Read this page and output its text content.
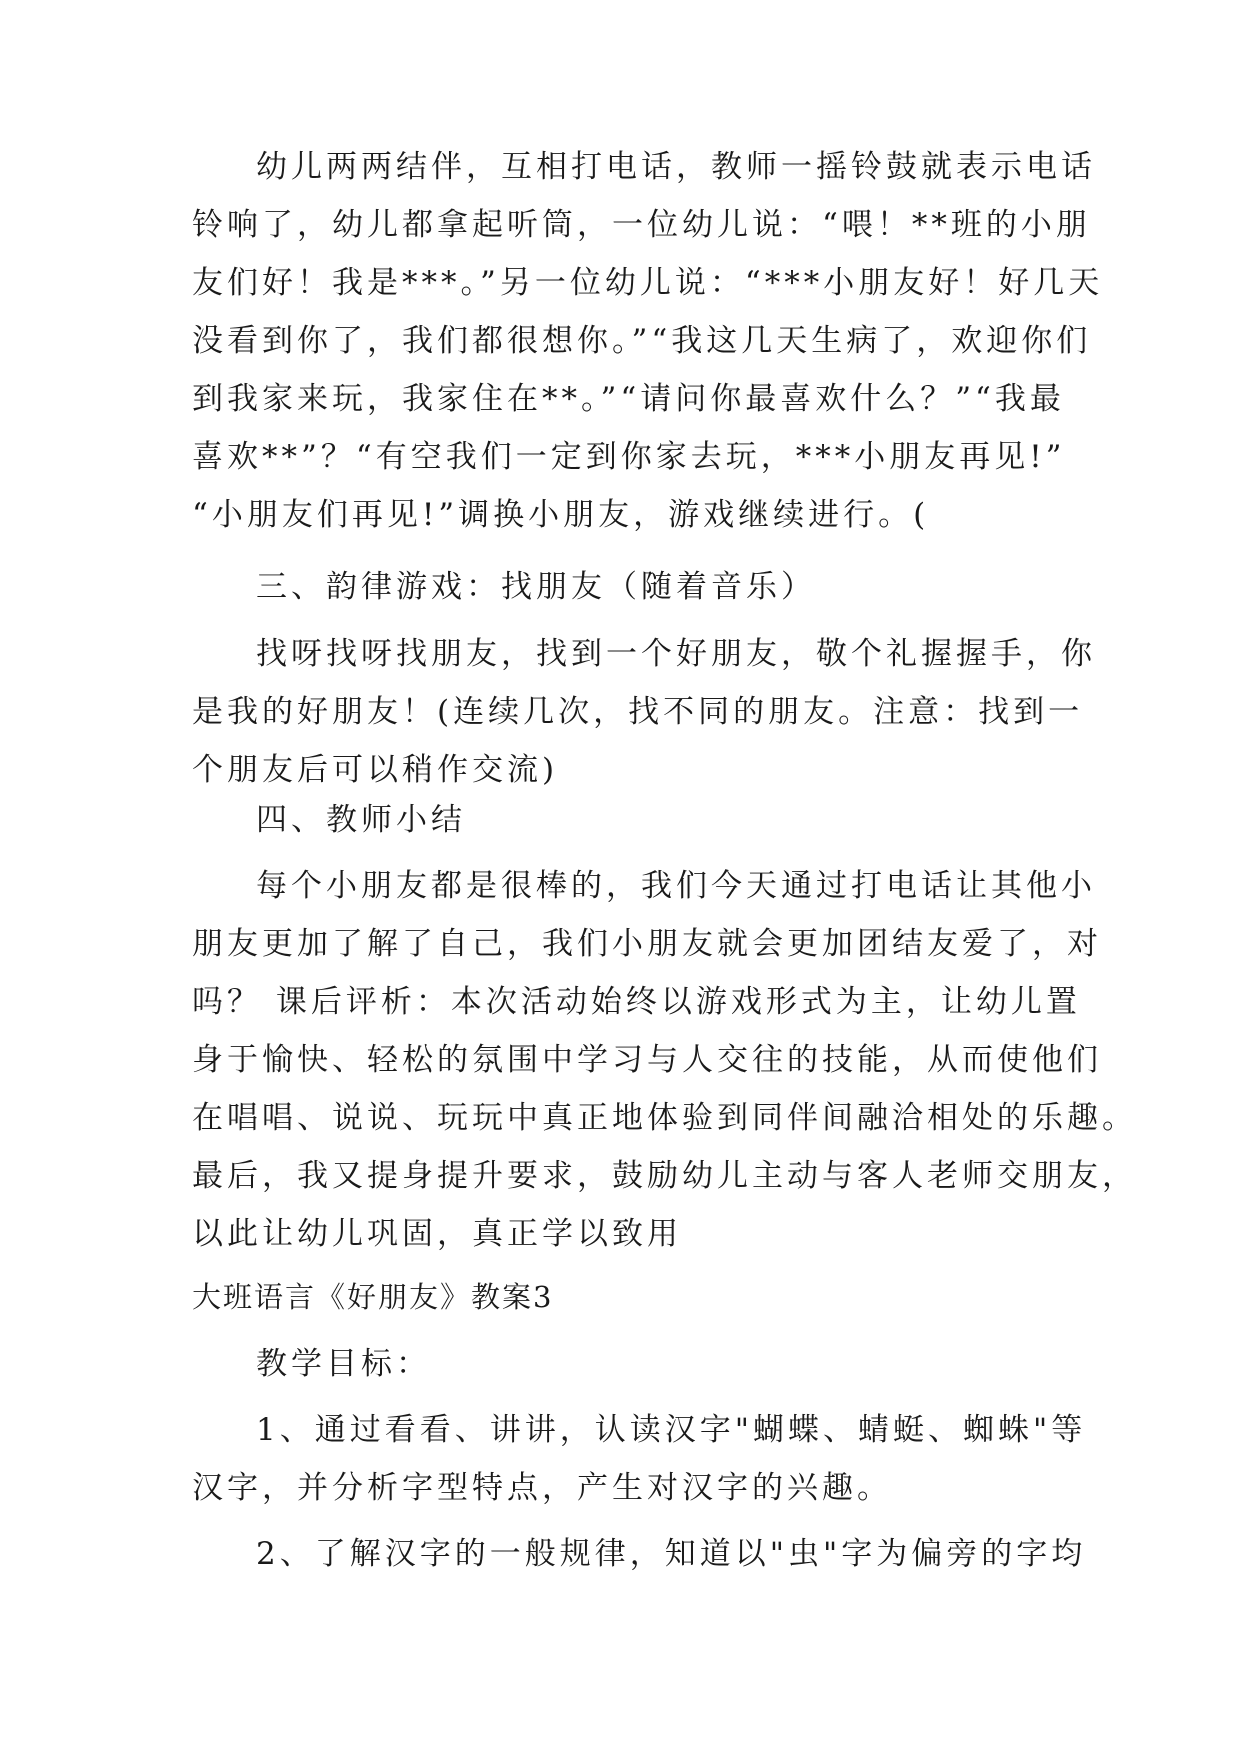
幼儿两两结伴，互相打电话，教师一摇铃鼓就表示电话
铃响了，幼儿都拿起听筒，一位幼儿说：“喂！**班的小朋
友们好！我是***。”另一位幼儿说：“***小朋友好！好几天
没看到你了，我们都很想你。”“我这几天生病了，欢迎你们
到我家来玩，我家住在**。”“请问你最喜欢什么？”“我最
喜欢**”？“有空我们一定到你家去玩，***小朋友再见!”
“小朋友们再见!”调换小朋友，游戏继续进行。(
三、韵律游戏：找朋友（随着音乐）
找呀找呀找朋友，找到一个好朋友，敬个礼握握手，你
是我的好朋友！(连续几次，找不同的朋友。注意：找到一
个朋友后可以稍作交流)
四、教师小结
每个小朋友都是很棒的，我们今天通过打电话让其他小
朋友更加了解了自己，我们小朋友就会更加团结友爱了，对
吗？ 课后评析：本次活动始终以游戏形式为主，让幼儿置
身于愉快、轻松的氛围中学习与人交往的技能，从而使他们
在唱唱、说说、玩玩中真正地体验到同伴间融洽相处的乐趣。
最后，我又提身提升要求，鼓励幼儿主动与客人老师交朋友，
以此让幼儿巩固，真正学以致用
大班语言《好朋友》教案3
教学目标：
1、通过看看、讲讲，认读汉字"蝴蝶、蜻蜓、蜘蛛"等
汉字，并分析字型特点，产生对汉字的兴趣。
2、了解汉字的一般规律，知道以"虫"字为偏旁的字均
